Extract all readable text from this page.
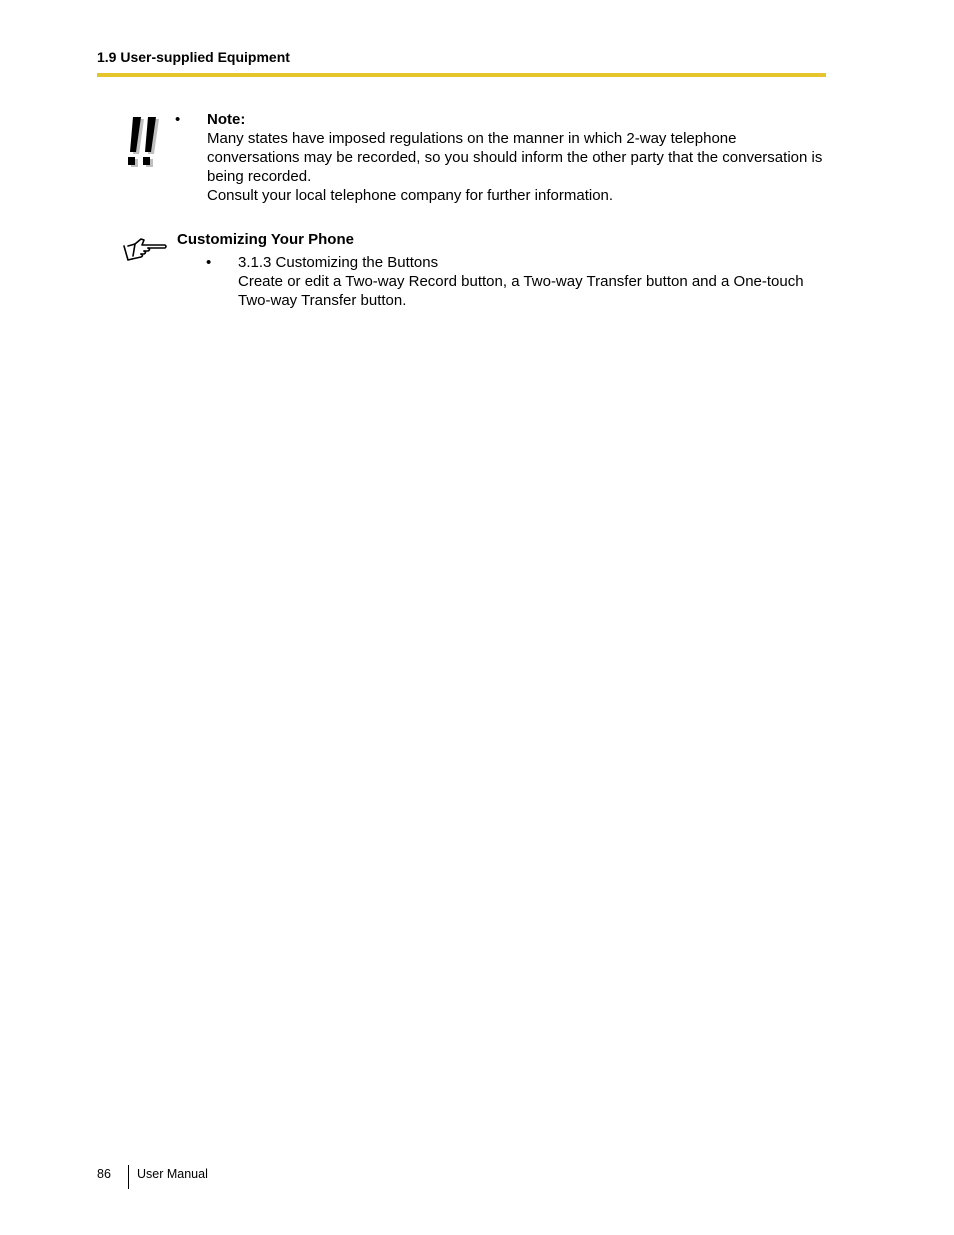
1.9 User-supplied Equipment
• Note:

Many states have imposed regulations on the manner in which 2-way telephone conversations may be recorded, so you should inform the other party that the conversation is being recorded.

Consult your local telephone company for further information.

Customizing Your Phone
• 3.1.3 Customizing the Buttons

Create or edit a Two-way Record button, a Two-way Transfer button and a One-touch Two-way Transfer button.

86 User Manual
